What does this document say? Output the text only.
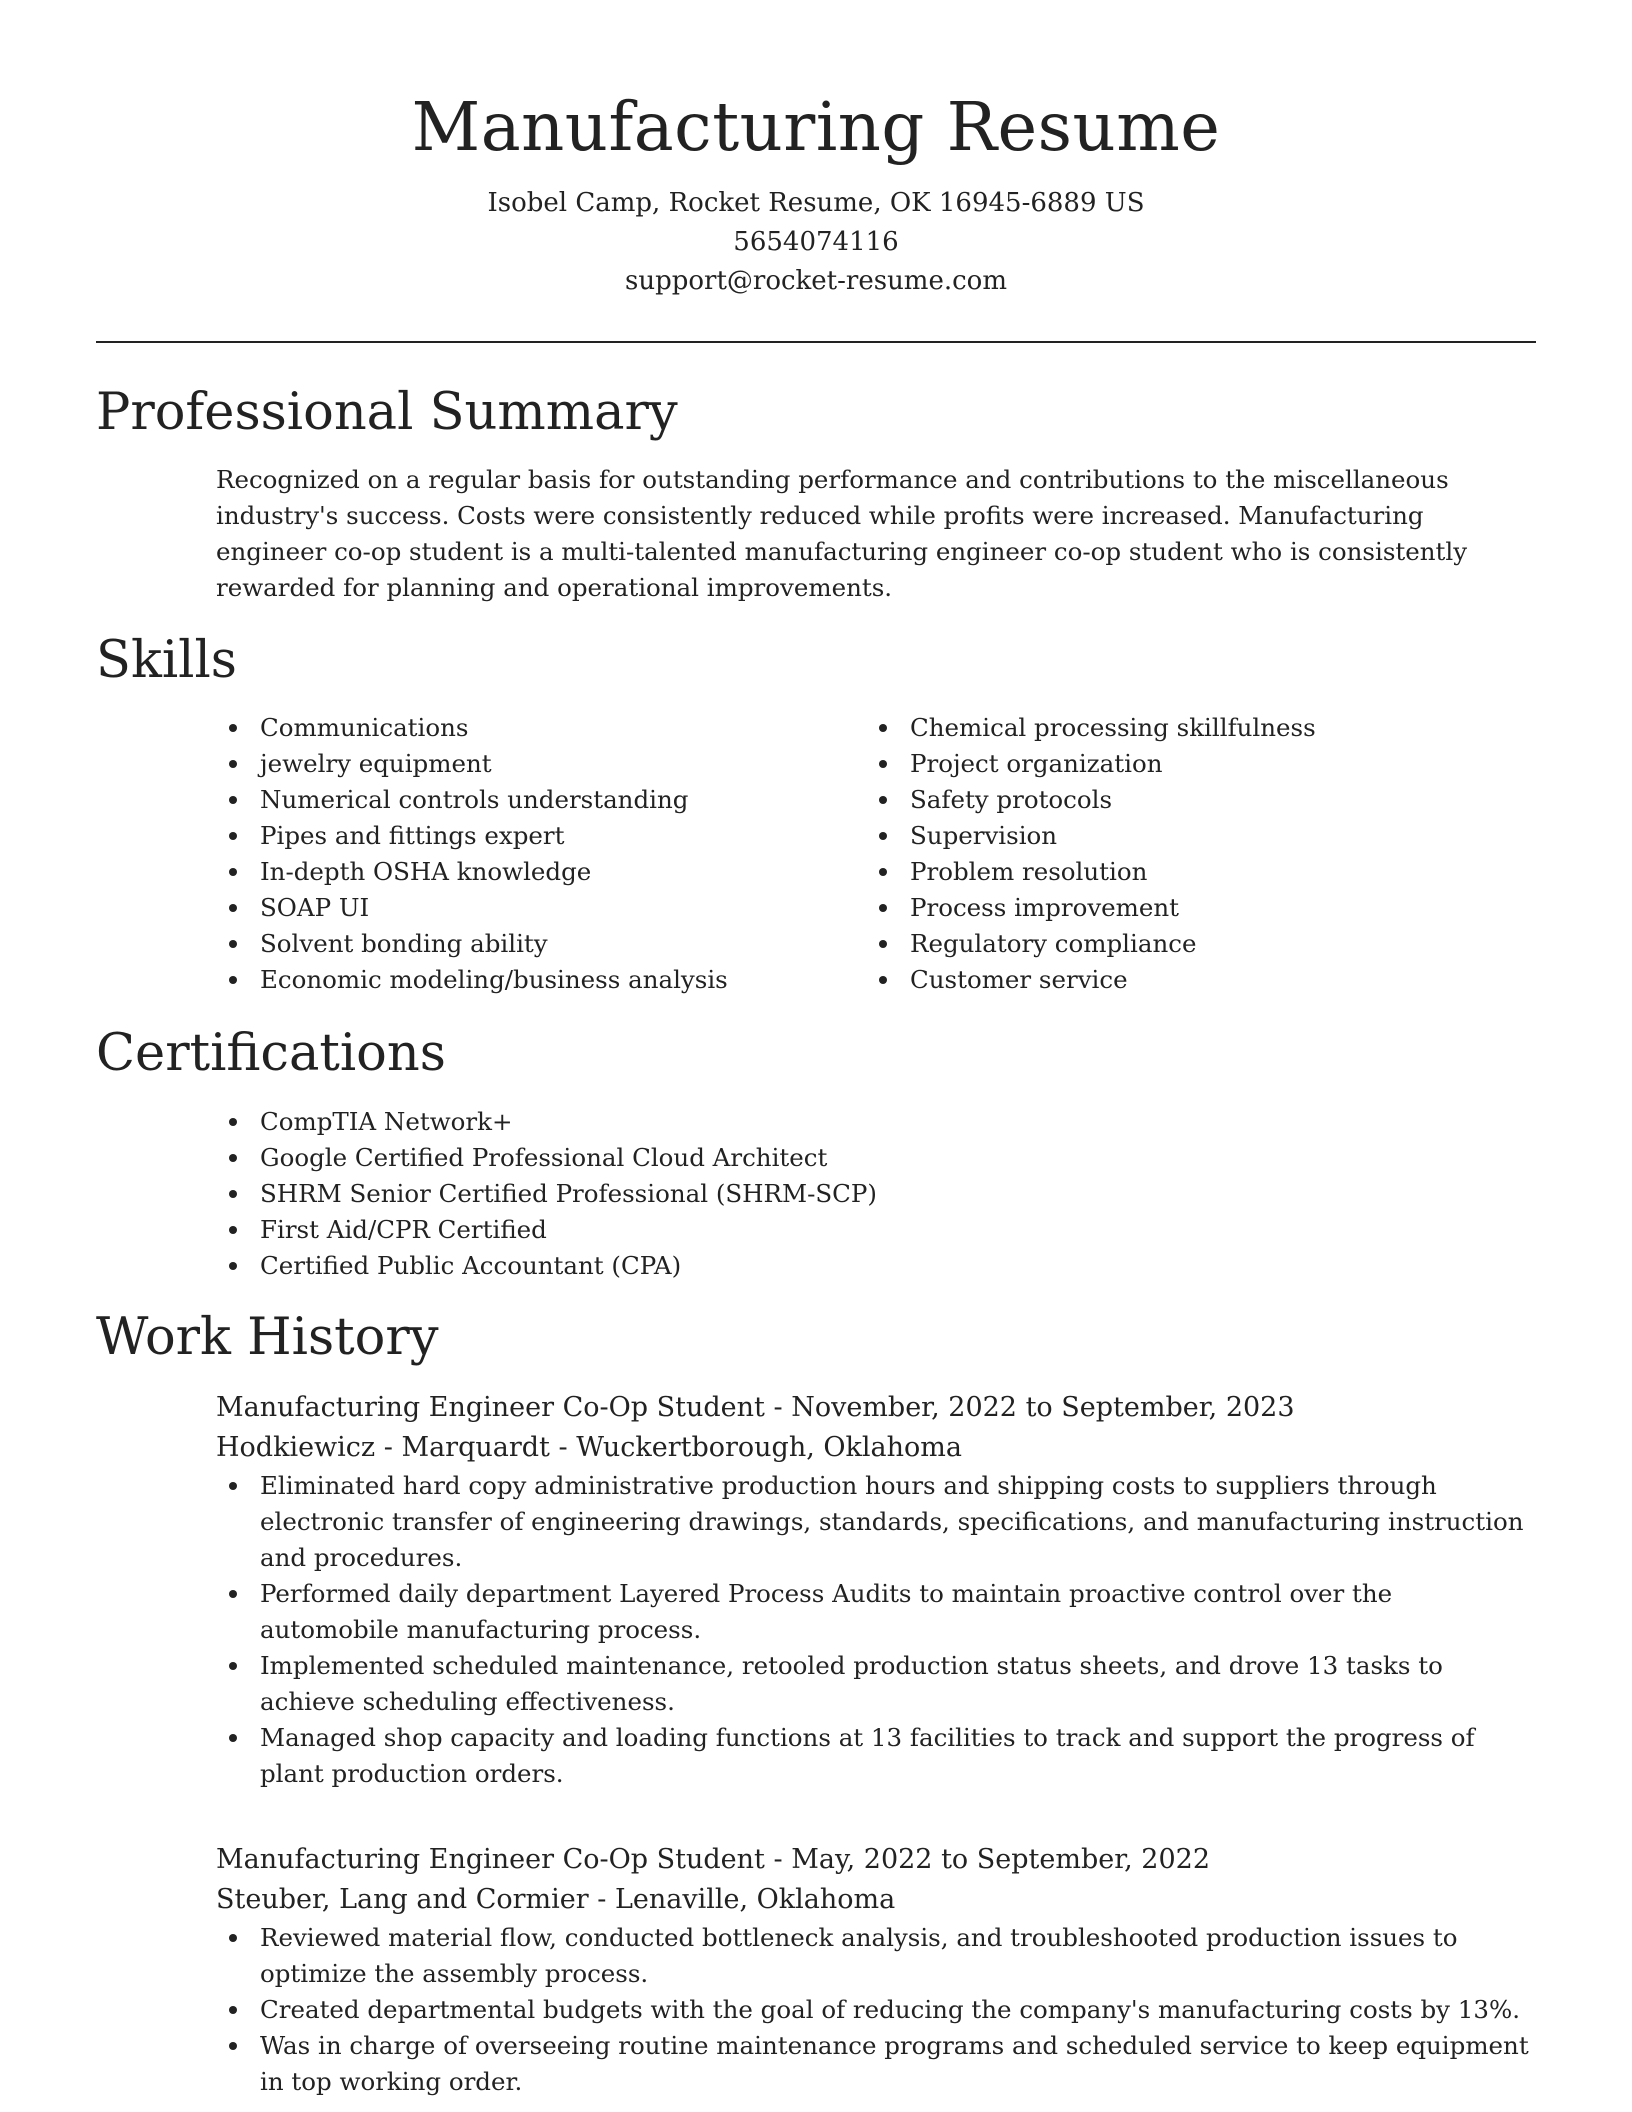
Manufacturing Resume
Isobel Camp, Rocket Resume, OK 16945-6889 US
5654074116
support@rocket-resume.com
Professional Summary

Recognized on a regular basis for outstanding performance and contributions to the miscellaneous industry's success. Costs were consistently reduced while profits were increased. Manufacturing engineer co-op student is a multi-talented manufacturing engineer co-op student who is consistently rewarded for planning and operational improvements.

Skills
Communications
jewelry equipment
Numerical controls understanding
Pipes and fittings expert
In-depth OSHA knowledge
SOAP UI
Solvent bonding ability
Economic modeling/business analysis
Chemical processing skillfulness
Project organization
Safety protocols
Supervision
Problem resolution
Process improvement
Regulatory compliance
Customer service
Certifications
CompTIA Network+
Google Certified Professional Cloud Architect
SHRM Senior Certified Professional (SHRM-SCP)
First Aid/CPR Certified
Certified Public Accountant (CPA)
Work History
Manufacturing Engineer Co-Op Student - November, 2022 to September, 2023
Hodkiewicz - Marquardt - Wuckertborough, Oklahoma
Eliminated hard copy administrative production hours and shipping costs to suppliers through electronic transfer of engineering drawings, standards, specifications, and manufacturing instruction and procedures.
Performed daily department Layered Process Audits to maintain proactive control over the automobile manufacturing process.
Implemented scheduled maintenance, retooled production status sheets, and drove 13 tasks to achieve scheduling effectiveness.
Managed shop capacity and loading functions at 13 facilities to track and support the progress of plant production orders.
Manufacturing Engineer Co-Op Student - May, 2022 to September, 2022
Steuber, Lang and Cormier - Lenaville, Oklahoma
Reviewed material flow, conducted bottleneck analysis, and troubleshooted production issues to optimize the assembly process.
Created departmental budgets with the goal of reducing the company's manufacturing costs by 13%.
Was in charge of overseeing routine maintenance programs and scheduled service to keep equipment in top working order.
